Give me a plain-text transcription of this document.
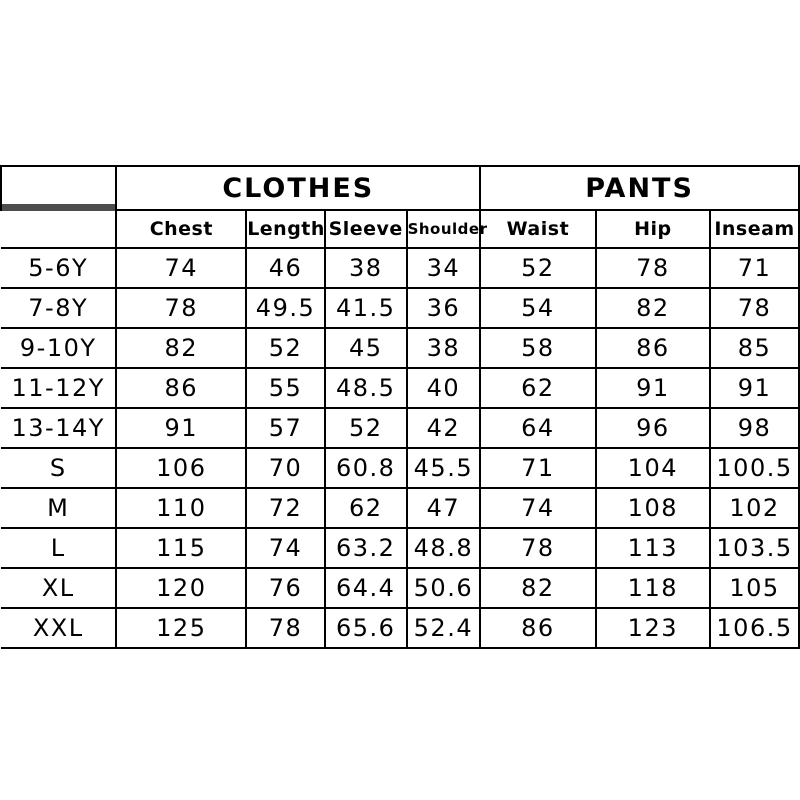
	CLOTHES				PANTS		
	Chest	Length	Sleeve	Shoulder	Waist	Hip	Inseam
5-6Y	74	46	38	34	52	78	71
7-8Y	78	49.5	41.5	36	54	82	78
9-10Y	82	52	45	38	58	86	85
11-12Y	86	55	48.5	40	62	91	91
13-14Y	91	57	52	42	64	96	98
S	106	70	60.8	45.5	71	104	100.5
M	110	72	62	47	74	108	102
L	115	74	63.2	48.8	78	113	103.5
XL	120	76	64.4	50.6	82	118	105
XXL	125	78	65.6	52.4	86	123	106.5
